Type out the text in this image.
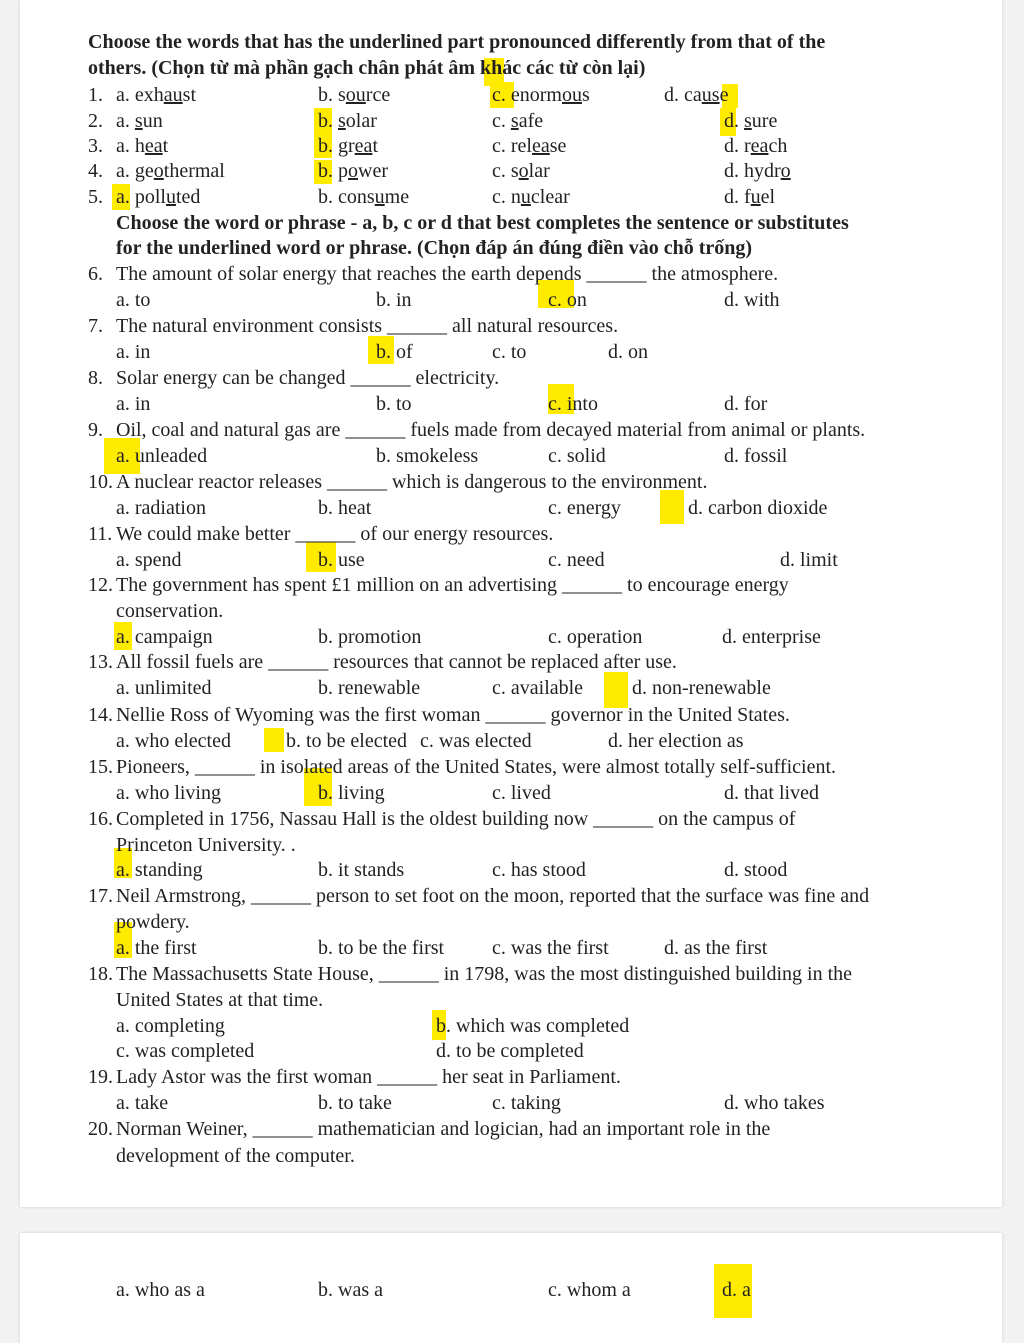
Choose the words that has the underlined part pronounced differently from that of the
others. (Chọn từ mà phần gạch chân phát âm khác các từ còn lại)
1. a. exhaust	b. source	c. enormous	d. cause
2. a. sun	b. solar	c. safe	d. sure
3. a. heat	b. great	c. release	d. reach
4. a. geothermal	b. power	c. solar	d. hydro
5. a. polluted	b. consume	c. nuclear	d. fuel
Choose the word or phrase - a, b, c or d that best completes the sentence or substitutes
for the underlined word or phrase. (Chọn đáp án đúng điền vào chỗ trống)
6. The amount of solar energy that reaches the earth depends ______ the atmosphere.
a. to	b. in	c. on	d. with
7. The natural environment consists ______ all natural resources.
a. in	b. of	c. to	d. on
8. Solar energy can be changed ______ electricity.
a. in	b. to	c. into	d. for
9. Oil, coal and natural gas are ______ fuels made from decayed material from animal or plants.
a. unleaded	b. smokeless	c. solid	d. fossil
10. A nuclear reactor releases ______ which is dangerous to the environment.
a. radiation	b. heat	c. energy	d. carbon dioxide
11. We could make better ______ of our energy resources.
a. spend	b. use	c. need	d. limit
12. The government has spent £1 million on an advertising ______ to encourage energy
conservation.
a. campaign	b. promotion	c. operation	d. enterprise
13. All fossil fuels are ______ resources that cannot be replaced after use.
a. unlimited	b. renewable	c. available d. non-renewable
14. Nellie Ross of Wyoming was the first woman ______ governor in the United States.
a. who elected	b. to be elected c. was elected	d. her election as
15. Pioneers, ______ in isolated areas of the United States, were almost totally self-sufficient.
a. who living	b. living	c. lived	d. that lived
16. Completed in 1756, Nassau Hall is the oldest building now ______ on the campus of
Princeton University. .
a. standing	b. it stands	c. has stood	d. stood
17. Neil Armstrong, ______ person to set foot on the moon, reported that the surface was fine and
powdery.
a. the first	b. to be the first c. was the first	d. as the first
18. The Massachusetts State House, ______ in 1798, was the most distinguished building in the
United States at that time.
a. completing	b. which was completed
c. was completed	d. to be completed
19. Lady Astor was the first woman ______ her seat in Parliament.
a. take	b. to take	c. taking	d. who takes
20. Norman Weiner, ______ mathematician and logician, had an important role in the
development of the computer.
a. who as a	b. was a	c. whom a	d. a
